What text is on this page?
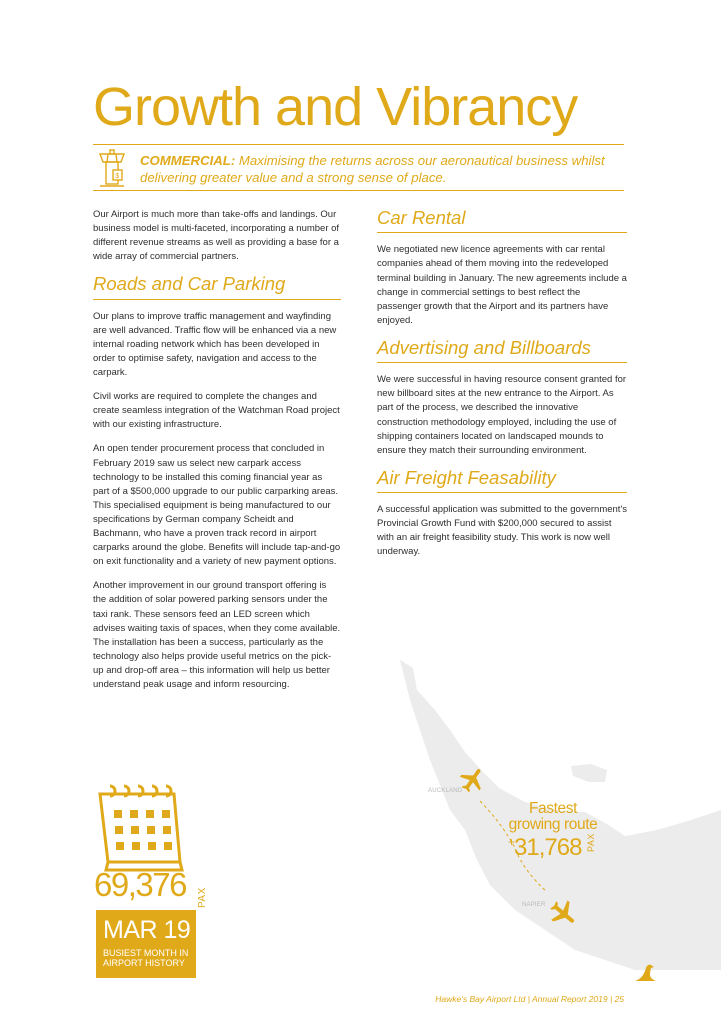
Growth and Vibrancy
$
COMMERCIAL: Maximising the returns across our aeronautical business whilst delivering greater value and a strong sense of place.

Our Airport is much more than take-offs and landings. Our business model is multi-faceted, incorporating a number of different revenue streams as well as providing a base for a wide array of commercial partners.

Roads and Car Parking

Our plans to improve traffic management and wayfinding are well advanced. Traffic flow will be enhanced via a new internal roading network which has been developed in order to optimise safety, navigation and access to the carpark.

Civil works are required to complete the changes and create seamless integration of the Watchman Road project with our existing infrastructure.

An open tender procurement process that concluded in February 2019 saw us select new carpark access technology to be installed this coming financial year as part of a $500,000 upgrade to our public carparking areas. This specialised equipment is being manufactured to our specifications by German company Scheidt and Bachmann, who have a proven track record in airport carparks around the globe. Benefits will include tap-and-go on exit functionality and a variety of new payment options.

Another improvement in our ground transport offering is the addition of solar powered parking sensors under the taxi rank. These sensors feed an LED screen which advises waiting taxis of spaces, when they come available. The installation has been a success, particularly as the technology also helps provide useful metrics on the pick-up and drop-off area – this information will help us better understand peak usage and inform resourcing.

Car Rental

We negotiated new licence agreements with car rental companies ahead of them moving into the redeveloped terminal building in January. The new agreements include a change in commercial settings to best reflect the passenger growth that the Airport and its partners have enjoyed.

Advertising and Billboards

We were successful in having resource consent granted for new billboard sites at the new entrance to the Airport. As part of the process, we described the innovative construction methodology employed, including the use of shipping containers located on landscaped mounds to ensure they match their surrounding environment.

Air Freight Feasability

A successful application was submitted to the government's Provincial Growth Fund with $200,000 secured to assist with an air freight feasibility study. This work is now well underway.

AUCKLAND
NAPIER
Fastest growing route
+31,768 PAX
69,376 PAX
MAR 19
BUSIEST MONTH IN AIRPORT HISTORY
Hawke's Bay Airport Ltd | Annual Report 2019 | 25
